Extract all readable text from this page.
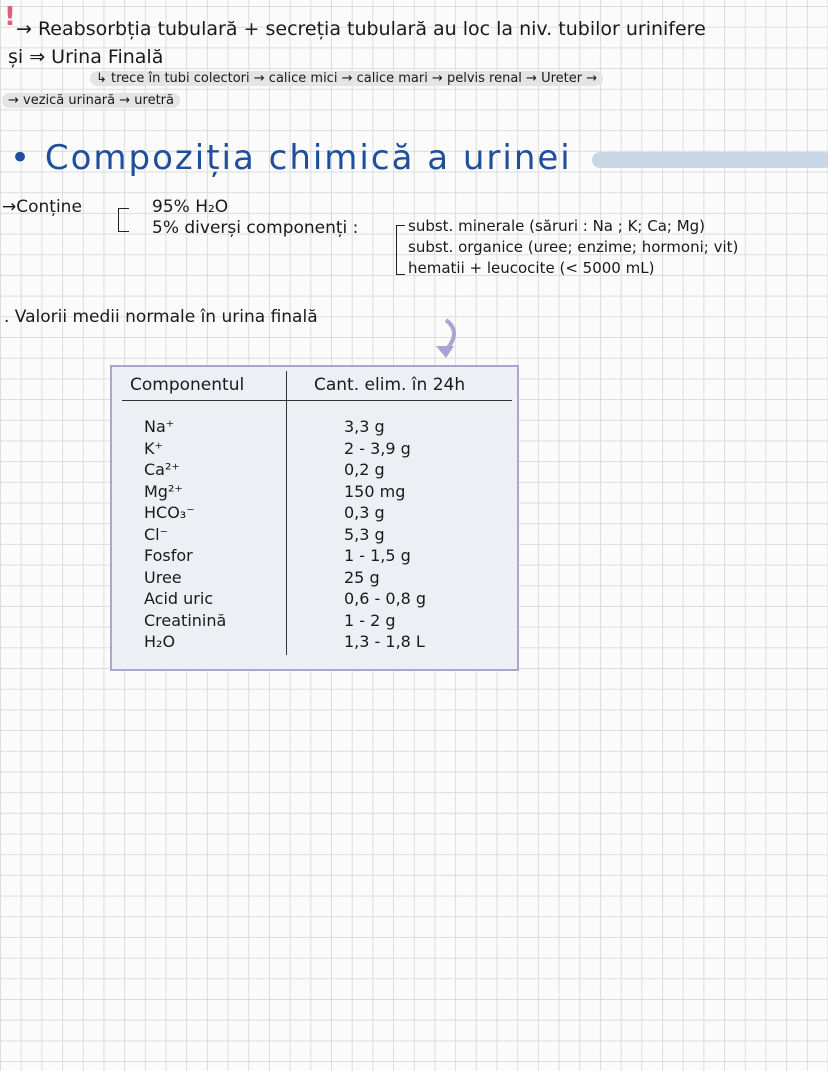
! → Reabsorbția tubulară + secreția tubulară au loc la niv. tubilor urinifere
și ⇒ Urina Finală
↳ trece în tubi colectori → calice mici → calice mari → pelvis renal → Ureter →
→ vezică urinară → uretră
• Compoziția chimică a urinei
→Conține	95% H₂O
5% diverși componenți :	subst. minerale (săruri : Na ; K; Ca; Mg)
subst. organice (uree; enzime; hormoni; vit)
hematii + leucocite (< 5000 mL)
. Valorii medii normale în urina finală
Componentul	Cant. elim. în 24h
Na⁺	3,3 g
K⁺	2 - 3,9 g
Ca²⁺	0,2 g
Mg²⁺	150 mg
HCO₃⁻	0,3 g
Cl⁻	5,3 g
Fosfor	1 - 1,5 g
Uree	25 g
Acid uric	0,6 - 0,8 g
Creatinină	1 - 2 g
H₂O	1,3 - 1,8 L
